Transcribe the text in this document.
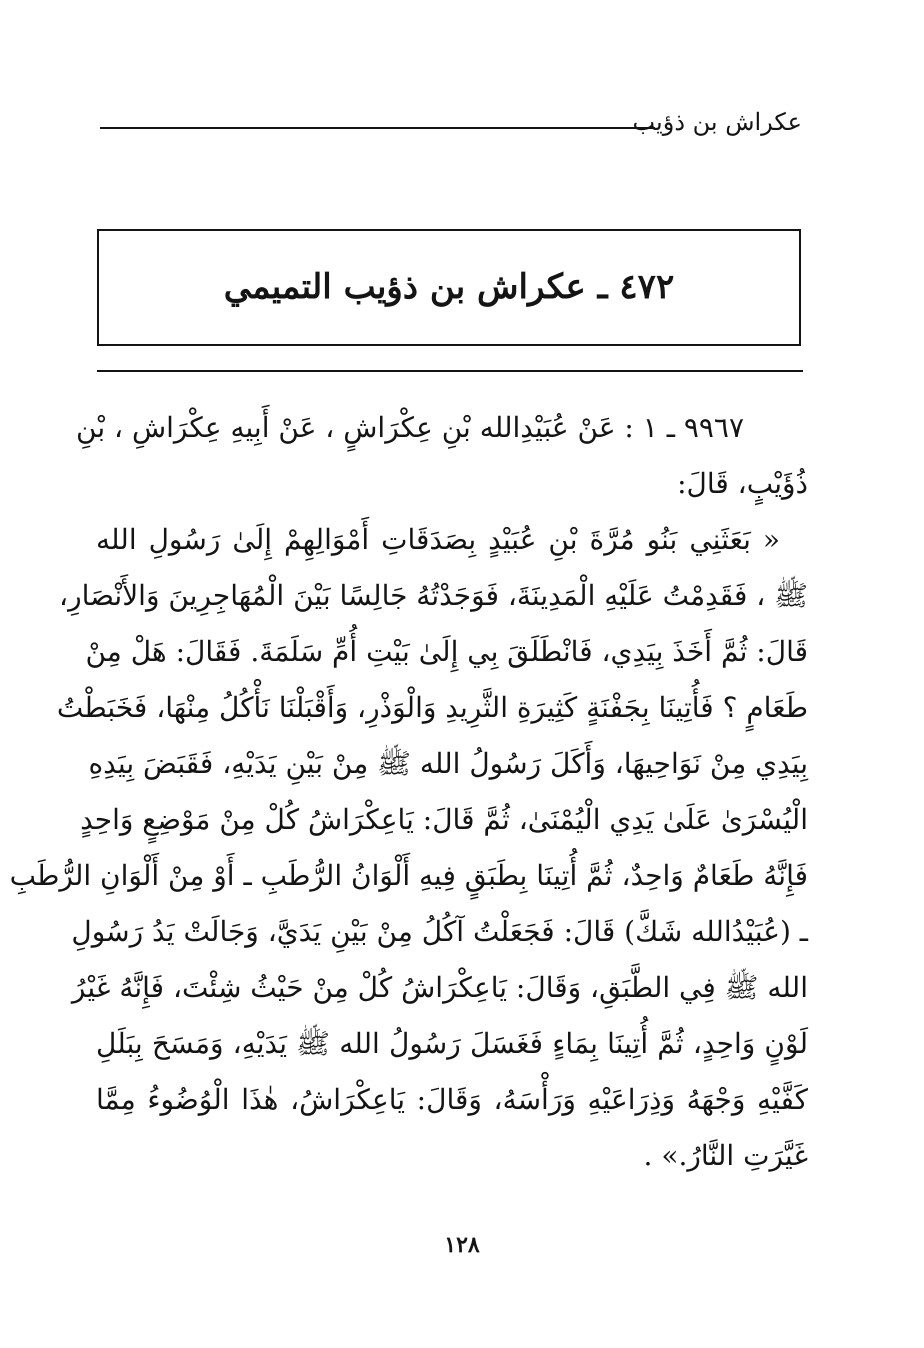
عكراش بن ذؤيب
٤٧٢ ـ عكراش بن ذؤيب التميمي
٩٩٦٧ ـ ١ : عَنْ عُبَيْدِالله بْنِ عِكْرَاشٍ ، عَنْ أَبِيهِ عِكْرَاشِ ، بْنِ
ذُؤَيْبٍ، قَالَ:
« بَعَثَنِي بَنُو مُرَّةَ بْنِ عُبَيْدٍ بِصَدَقَاتِ أَمْوَالِهِمْ إِلَىٰ رَسُولِ الله
ﷺ ، فَقَدِمْتُ عَلَيْهِ الْمَدِينَةَ، فَوَجَدْتُهُ جَالِسًا بَيْنَ الْمُهَاجِرِينَ وَالأَنْصَارِ،
قَالَ: ثُمَّ أَخَذَ بِيَدِي، فَانْطَلَقَ بِي إِلَىٰ بَيْتِ أُمِّ سَلَمَةَ. فَقَالَ: هَلْ مِنْ
طَعَامٍ ؟ فَأُتِينَا بِجَفْنَةٍ كَثِيرَةِ الثَّرِيدِ وَالْوَذْرِ، وَأَقْبَلْنَا نَأْكُلُ مِنْهَا، فَخَبَطْتُ
بِيَدِي مِنْ نَوَاحِيهَا، وَأَكَلَ رَسُولُ الله ﷺ مِنْ بَيْنِ يَدَيْهِ، فَقَبَضَ بِيَدِهِ
الْيُسْرَىٰ عَلَىٰ يَدِي الْيُمْنَىٰ، ثُمَّ قَالَ: يَاعِكْرَاشُ كُلْ مِنْ مَوْضِعٍ وَاحِدٍ
فَإِنَّهُ طَعَامٌ وَاحِدٌ، ثُمَّ أُتِينَا بِطَبَقٍ فِيهِ أَلْوَانُ الرُّطَبِ ـ أَوْ مِنْ أَلْوَانِ الرُّطَبِ
ـ (عُبَيْدُالله شَكَّ) قَالَ: فَجَعَلْتُ آكُلُ مِنْ بَيْنِ يَدَيَّ، وَجَالَتْ يَدُ رَسُولِ
الله ﷺ فِي الطَّبَقِ، وَقَالَ: يَاعِكْرَاشُ كُلْ مِنْ حَيْثُ شِئْتَ، فَإِنَّهُ غَيْرُ
لَوْنٍ وَاحِدٍ، ثُمَّ أُتِينَا بِمَاءٍ فَغَسَلَ رَسُولُ الله ﷺ يَدَيْهِ، وَمَسَحَ بِبَلَلِ
كَفَّيْهِ وَجْهَهُ وَذِرَاعَيْهِ وَرَأْسَهُ، وَقَالَ: يَاعِكْرَاشُ، هٰذَا الْوُضُوءُ مِمَّا
غَيَّرَتِ النَّارُ.» .
١٢٨
